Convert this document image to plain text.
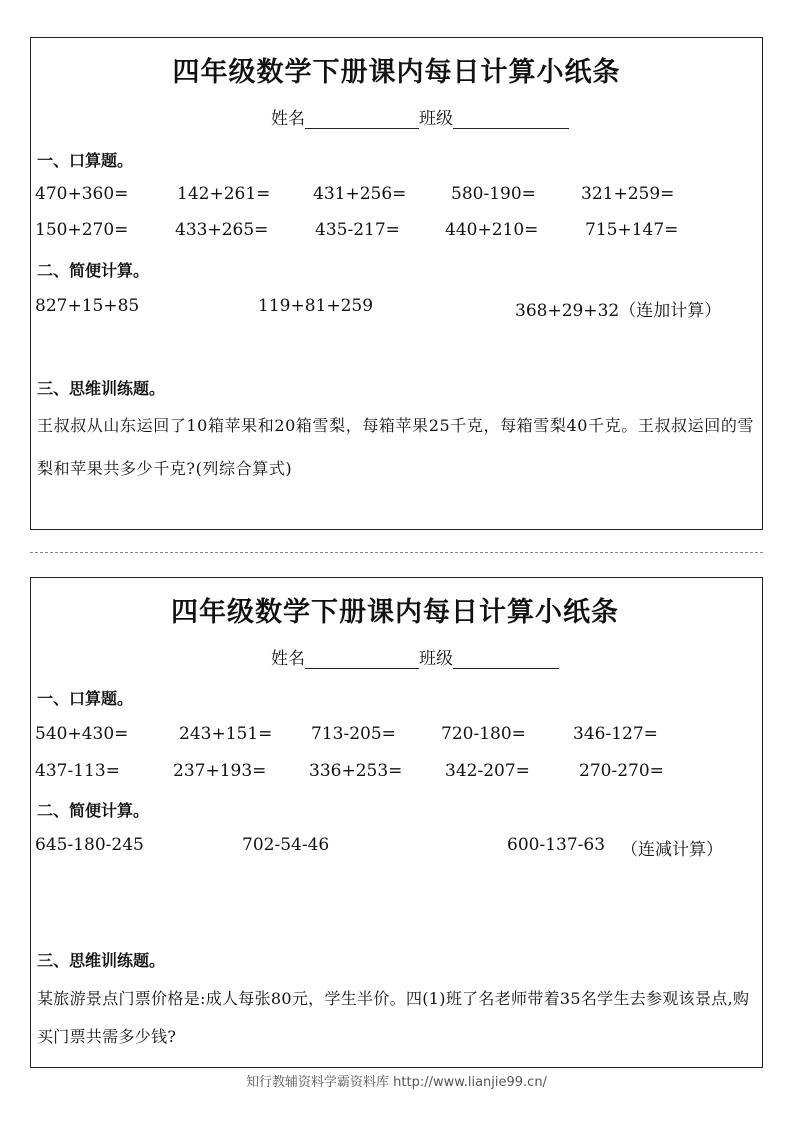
四年级数学下册课内每日计算小纸条
姓名	班级
一、口算题。
470+360=	142+261=	431+256=	580-190=	321+259=
150+270=	433+265=	435-217=	440+210=	715+147=
二、简便计算。
827+15+85	119+81+259	368+29+32（连加计算）
三、思维训练题。
王叔叔从山东运回了10箱苹果和20箱雪梨，每箱苹果25千克，每箱雪梨40千克。王叔叔运回的雪梨和苹果共多少千克?(列综合算式)
四年级数学下册课内每日计算小纸条
姓名	班级
一、口算题。
540+430=	243+151= 713-205=	720-180=	346-127=
437-113=	237+193=	336+253=	342-207=	270-270=
二、简便计算。
645-180-245	702-54-46	600-137-63 （连减计算）
三、思维训练题。
某旅游景点门票价格是:成人每张80元，学生半价。四(1)班了名老师带着35名学生去参观该景点,购买门票共需多少钱?
知行教辅资料学霸资料库 http://www.lianjie99.cn/
